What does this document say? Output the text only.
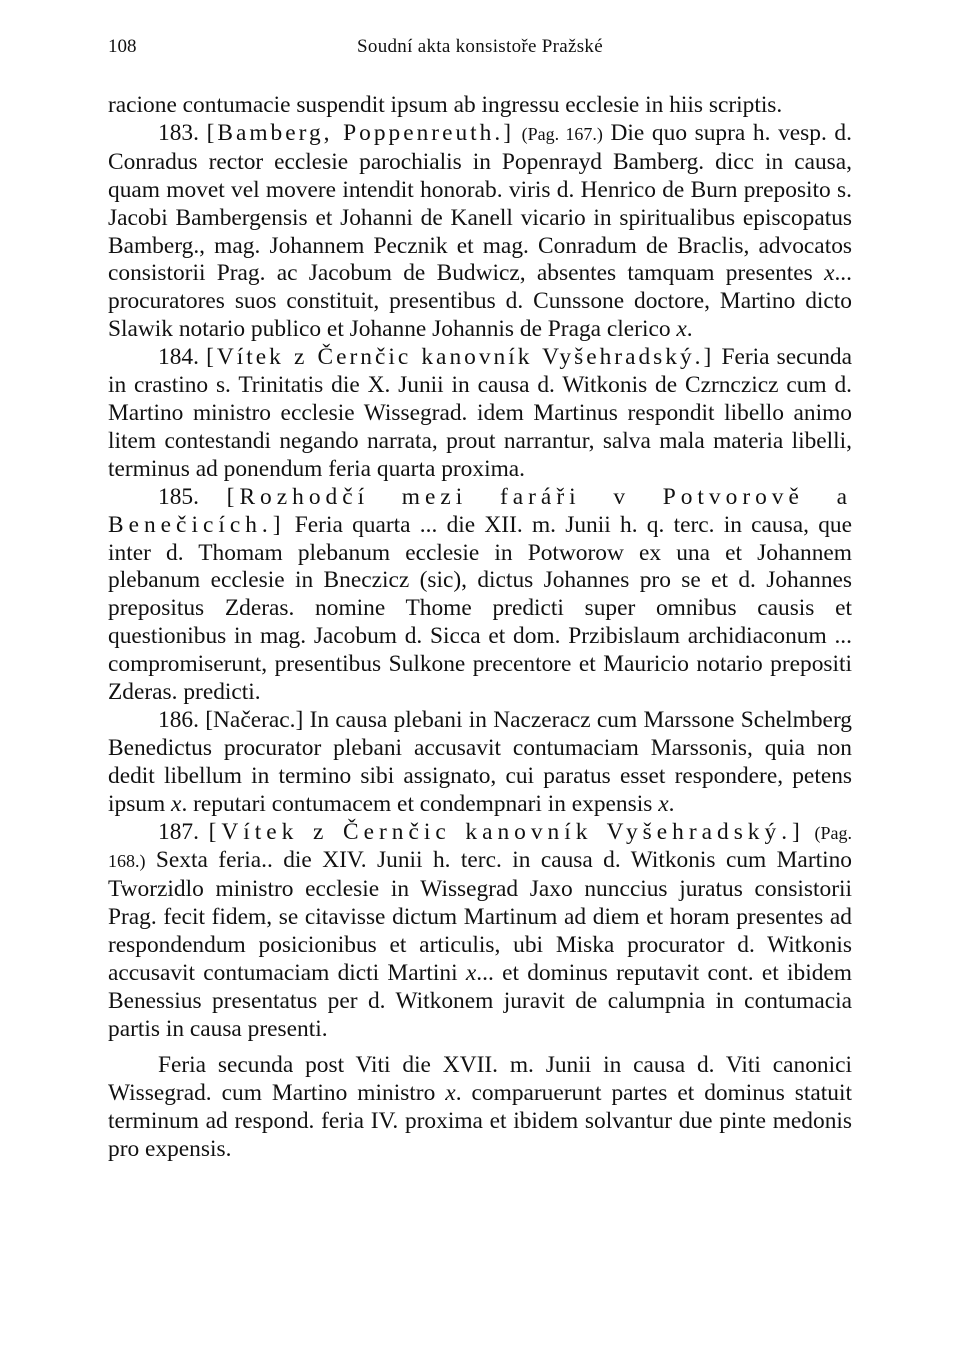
108	Soudní akta konsistoře Pražské

racione contumacie suspendit ipsum ab ingressu ecclesie in hiis scriptis.

183. [Bamberg, Poppenreuth.] (Pag. 167.) Die quo supra h. vesp. d. Conradus rector ecclesie parochialis in Popenrayd Bamberg. dicc in causa, quam movet vel movere intendit honorab. viris d. Henrico de Burn preposito s. Jacobi Bambergensis et Johanni de Kanell vicario in spiritualibus episcopatus Bamberg., mag. Johannem Pecznik et mag. Conradum de Braclis, advocatos consistorii Prag. ac Jacobum de Budwicz, absentes tamquam presentes x... procuratores suos constituit, presentibus d. Cunssone doctore, Martino dicto Slawik notario publico et Johanne Johannis de Praga clerico x.

184. [Vítek z Černčic kanovník Vyšehradský.] Feria secunda in crastino s. Trinitatis die X. Junii in causa d. Witkonis de Czrnczicz cum d. Martino ministro ecclesie Wissegrad. idem Martinus respondit libello animo litem contestandi negando narrata, prout narrantur, salva mala materia libelli, terminus ad ponendum feria quarta proxima.

185. [Rozhodčí mezi faráři v Potvorově a Benečicích.] Feria quarta ... die XII. m. Junii h. q. terc. in causa, que inter d. Thomam plebanum ecclesie in Potworow ex una et Johannem plebanum ecclesie in Bneczicz (sic), dictus Johannes pro se et d. Johannes prepositus Zderas. nomine Thome predicti super omnibus causis et questionibus in mag. Jacobum d. Sicca et dom. Przibislaum archidiaconum ... compromiserunt, presentibus Sulkone precentore et Mauricio notario prepositi Zderas. predicti.

186. [Načerac.] In causa plebani in Naczeracz cum Marssone Schelmberg Benedictus procurator plebani accusavit contumaciam Marssonis, quia non dedit libellum in termino sibi assignato, cui paratus esset respondere, petens ipsum x. reputari contumacem et condempnari in expensis x.

187. [Vítek z Černčic kanovník Vyšehradský.] (Pag. 168.) Sexta feria.. die XIV. Junii h. terc. in causa d. Witkonis cum Martino Tworzidlo ministro ecclesie in Wissegrad Jaxo nunccius juratus consistorii Prag. fecit fidem, se citavisse dictum Martinum ad diem et horam presentes ad respondendum posicionibus et articulis, ubi Miska procurator d. Witkonis accusavit contumaciam dicti Martini x... et dominus reputavit cont. et ibidem Benessius presentatus per d. Witkonem juravit de calumpnia in contumacia partis in causa presenti.

Feria secunda post Viti die XVII. m. Junii in causa d. Viti canonici Wissegrad. cum Martino ministro x. comparuerunt partes et dominus statuit terminum ad respond. feria IV. proxima et ibidem solvantur due pinte medonis pro expensis.
